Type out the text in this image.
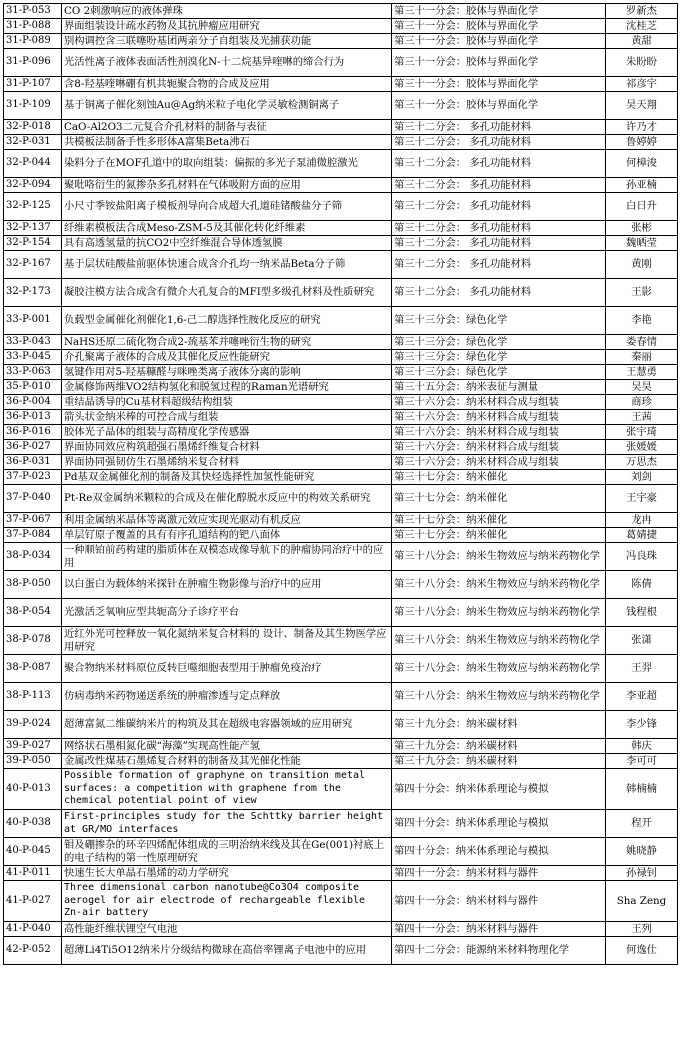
31-P-053	CO 2刺激响应的液体弹珠	第三十一分会：胶体与界面化学	罗新杰
31-P-088	界面组装设计疏水药物及其抗肿瘤应用研究	第三十一分会：胶体与界面化学	沈桂芝
31-P-089	别构调控含三联噻吩基团两亲分子自组装及光捕获功能	第三十一分会：胶体与界面化学	黄甜
31-P-096	光活性离子液体表面活性剂溴化N-十二烷基异喹啉的缔合行为	第三十一分会：胶体与界面化学	朱盼盼
31-P-107	含8-羟基喹啉硼有机共轭聚合物的合成及应用	第三十一分会：胶体与界面化学	祁彦宇
31-P-109	基于铜离子催化刻蚀Au@Ag纳米粒子电化学灵敏检测铜离子	第三十一分会：胶体与界面化学	吴天翔
32-P-018	CaO-Al2O3二元复合介孔材料的制备与表征	第三十二分会： 多孔功能材料	许乃才
32-P-031	共模板法制备手性多形体A富集Beta沸石	第三十二分会： 多孔功能材料	鲁婷婷
32-P-044	染料分子在MOF孔道中的取向组装：偏振的多光子泵浦微腔激光	第三十二分会： 多孔功能材料	何樟浚
32-P-094	聚吡咯衍生的氮掺杂多孔材料在气体吸附方面的应用	第三十二分会： 多孔功能材料	孙亚楠
32-P-125	小尺寸季铵盐阳离子模板剂导向合成超大孔道硅锗酸盐分子筛	第三十二分会： 多孔功能材料	白日升
32-P-137	纤维素模板法合成Meso-ZSM-5及其催化转化纤维素	第三十二分会： 多孔功能材料	张彬
32-P-154	具有高透氢量的抗CO2中空纤维混合导体透氢膜	第三十二分会： 多孔功能材料	魏晒莹
32-P-167	基于层状硅酸盐前驱体快速合成含介孔均一纳米晶Beta分子筛	第三十二分会： 多孔功能材料	黄刚
32-P-173	凝胶注模方法合成含有微介大孔复合的MFI型多级孔材料及性质研究	第三十二分会： 多孔功能材料	王影
33-P-001	负载型金属催化剂催化1,6-己二醇选择性胺化反应的研究	第三十三分会：绿色化学	李艳
33-P-043	NaHS还原二硫化物合成2-巯基苯并噻唑衍生物的研究	第三十三分会：绿色化学	娄春情
33-P-045	介孔聚离子液体的合成及其催化反应性能研究	第三十三分会：绿色化学	秦丽
33-P-063	氢键作用对5-羟基糠醛与咪唑类离子液体分离的影响	第三十三分会：绿色化学	王慧勇
35-P-010	金属修饰两维VO2结构氢化和脱氢过程的Raman光谱研究	第三十五分会：纳米表征与测量	吴昊
36-P-004	重结晶诱导的Cu基材料超级结构组装	第三十六分会：纳米材料合成与组装	商珍
36-P-013	箭头状金纳米棒的可控合成与组装	第三十六分会：纳米材料合成与组装	王茜
36-P-016	胶体光子晶体的组装与高精度化学传感器	第三十六分会：纳米材料合成与组装	张宇琦
36-P-027	界面协同效应构筑超强石墨烯纤维复合材料	第三十六分会：纳米材料合成与组装	张媛媛
36-P-031	界面协同强韧仿生石墨烯纳米复合材料	第三十六分会：纳米材料合成与组装	万思杰
37-P-023	Pd基双金属催化剂的制备及其快烃选择性加氢性能研究	第三十七分会：纳米催化	刘剑
37-P-040	Pt-Re双金属纳米颗粒的合成及在催化醇脱水反应中的构效关系研究	第三十七分会：纳米催化	王宇豪
37-P-067	利用金属纳米晶体等离激元效应实现光驱动有机反应	第三十七分会：纳米催化	龙冉
37-P-084	单层钌原子覆盖的具有有序孔道结构的钯八面体	第三十七分会：纳米催化	葛婧捷
38-P-034	一种顺铂前药构建的脂质体在双模态成像导航下的肿瘤协同治疗中的应用	第三十八分会：纳米生物效应与纳米药物化学	冯良珠
38-P-050	以白蛋白为载体纳米探针在肿瘤生物影像与治疗中的应用	第三十八分会：纳米生物效应与纳米药物化学	陈倩
38-P-054	光激活乏氧响应型共轭高分子诊疗平台	第三十八分会：纳米生物效应与纳米药物化学	钱程根
38-P-078	近红外光可控释放一氧化氮纳米复合材料的 设计、制备及其生物医学应用研究	第三十八分会：纳米生物效应与纳米药物化学	张潇
38-P-087	聚合物纳米材料原位反转巨噬细胞表型用于肿瘤免疫治疗	第三十八分会：纳米生物效应与纳米药物化学	王羿
38-P-113	仿病毒纳米药物递送系统的肿瘤渗透与定点释放	第三十八分会：纳米生物效应与纳米药物化学	李亚超
39-P-024	超薄富氮二维碳纳米片的构筑及其在超级电容器领域的应用研究	第三十九分会：纳米碳材料	李少锋
39-P-027	网络状石墨相氮化碳“海藻”实现高性能产氢	第三十九分会：纳米碳材料	韩庆
39-P-050	金属改性煤基石墨烯复合材料的制备及其光催化性能	第三十九分会：纳米碳材料	李可可
40-P-013	Possible formation of graphyne on transition metal surfaces: a competition with graphene from the chemical potential point of view	第四十分会：纳米体系理论与模拟	韩楠楠
40-P-038	First-principles study for the Schttky barrier height at GR/MO interfaces	第四十分会：纳米体系理论与模拟	程开
40-P-045	钼及硼掺杂的环辛四烯配体组成的三明治纳米线及其在Ge(001)衬底上的电子结构的第一性原理研究	第四十分会：纳米体系理论与模拟	姚晓静
41-P-011	快速生长大单晶石墨烯的动力学研究	第四十一分会：纳米材料与器件	孙禄钊
41-P-027	Three dimensional carbon nanotube@Co3O4 composite aerogel for air electrode of rechargeable flexible Zn-air battery	第四十一分会：纳米材料与器件	Sha Zeng
41-P-040	高性能纤维状锂空气电池	第四十一分会：纳米材料与器件	王列
42-P-052	超薄Li4Ti5O12纳米片分级结构微球在高倍率锂离子电池中的应用	第四十二分会：能源纳米材料物理化学	何逸仕
